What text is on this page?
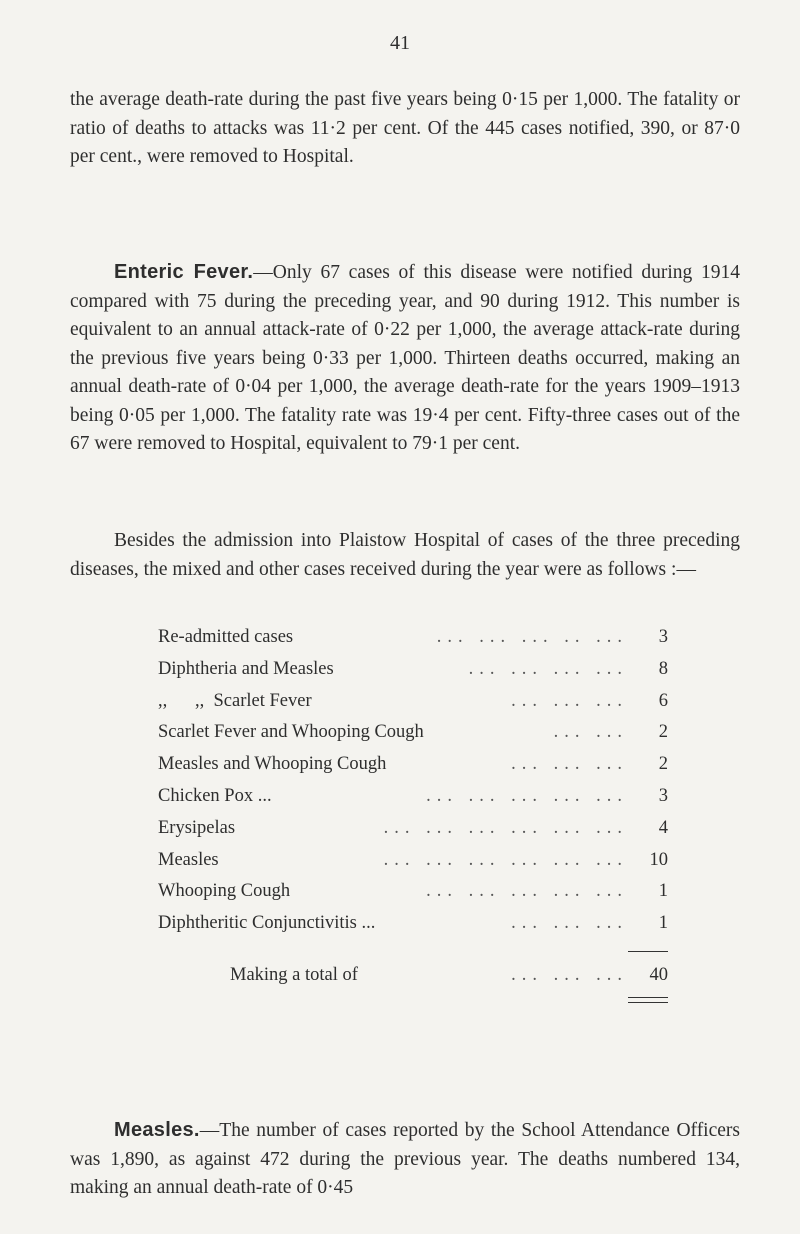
41

the average death-rate during the past five years being 0·15 per 1,000. The fatality or ratio of deaths to attacks was 11·2 per cent. Of the 445 cases notified, 390, or 87·0 per cent., were removed to Hospital.

Enteric Fever.—Only 67 cases of this disease were notified during 1914 compared with 75 during the preceding year, and 90 during 1912. This number is equivalent to an annual attack-rate of 0·22 per 1,000, the average attack-rate during the previous five years being 0·33 per 1,000. Thirteen deaths occurred, making an annual death-rate of 0·04 per 1,000, the average death-rate for the years 1909–1913 being 0·05 per 1,000. The fatality rate was 19·4 per cent. Fifty-three cases out of the 67 were removed to Hospital, equivalent to 79·1 per cent.

Besides the admission into Plaistow Hospital of cases of the three preceding diseases, the mixed and other cases received during the year were as follows :—

Re-admitted cases	... ... ... .. ...	3
Diphtheria and Measles	... ... ... ...	8
,,      ,,  Scarlet Fever	... ... ...	6
Scarlet Fever and Whooping Cough	... ...	2
Measles and Whooping Cough	... ... ...	2
Chicken Pox ...	... ... ... ... ...	3
Erysipelas	... ... ... ... ... ...	4
Measles	... ... ... ... ... ...	10
Whooping Cough	... ... ... ... ...	1
Diphtheritic Conjunctivitis ...	... ... ...	1
Making a total of	... ... ...	40

Measles.—The number of cases reported by the School Attendance Officers was 1,890, as against 472 during the previous year. The deaths numbered 134, making an annual death-rate of 0·45
